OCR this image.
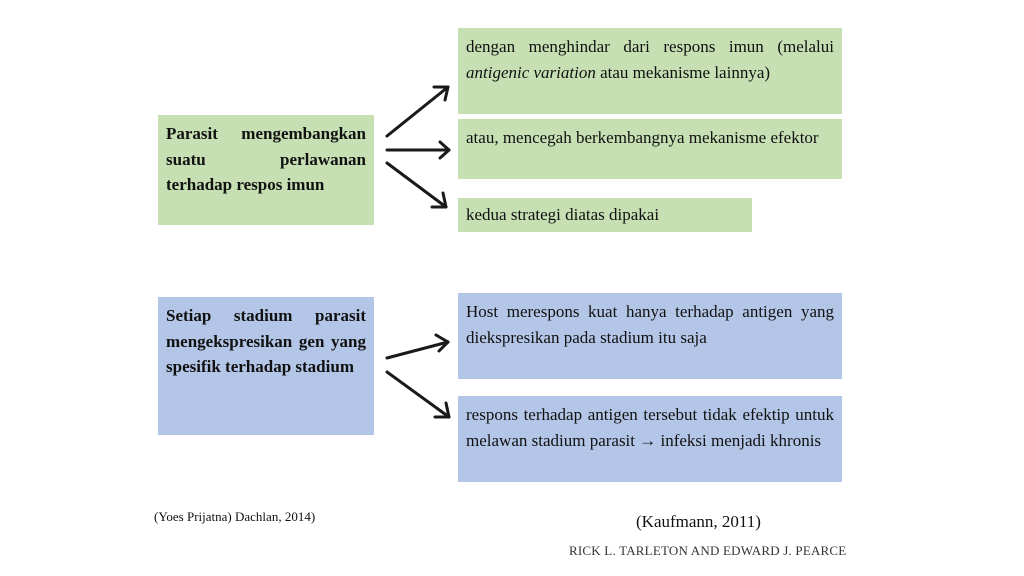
Parasit mengembangkan suatu perlawanan terhadap respos imun
dengan menghindar dari respons imun (melalui antigenic variation atau mekanisme lainnya)
atau, mencegah berkembangnya mekanisme efektor
kedua strategi diatas dipakai
Setiap stadium parasit mengekspresikan gen yang spesifik terhadap stadium
Host merespons kuat hanya terhadap antigen yang diekspresikan pada stadium itu saja
respons terhadap antigen tersebut tidak efektip untuk melawan stadium parasit → infeksi menjadi khronis
(Yoes Prijatna) Dachlan, 2014)	(Kaufmann, 2011)
RICK L. TARLETON AND EDWARD J. PEARCE
